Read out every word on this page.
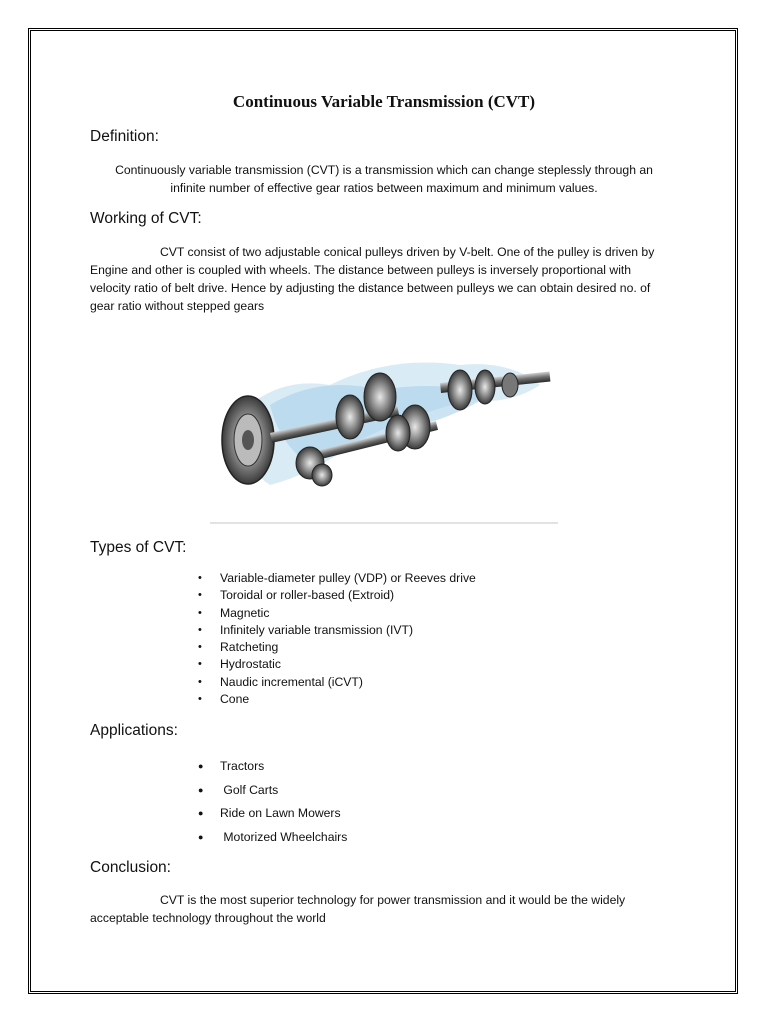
Continuous Variable Transmission (CVT)
Definition:
Continuously variable transmission (CVT) is a transmission which can change steplessly through an
infinite number of effective gear ratios between maximum and minimum values.
Working of CVT:
CVT consist of two adjustable conical pulleys driven by V-belt. One of the pulley is driven by
Engine and other is coupled with wheels. The distance between pulleys is inversely proportional with
velocity ratio of belt drive. Hence by adjusting the distance between pulleys we can obtain desired no. of
gear ratio without stepped gears
Types of CVT:
• Variable-diameter pulley (VDP) or Reeves drive
• Toroidal or roller-based (Extroid)
• Magnetic
• Infinitely variable transmission (IVT)
• Ratcheting
• Hydrostatic
• Naudic incremental (iCVT)
• Cone
Applications:
● Tractors
●  Golf Carts
● Ride on Lawn Mowers
●  Motorized Wheelchairs
Conclusion:
CVT is the most superior technology for power transmission and it would be the widely
acceptable technology throughout the world
